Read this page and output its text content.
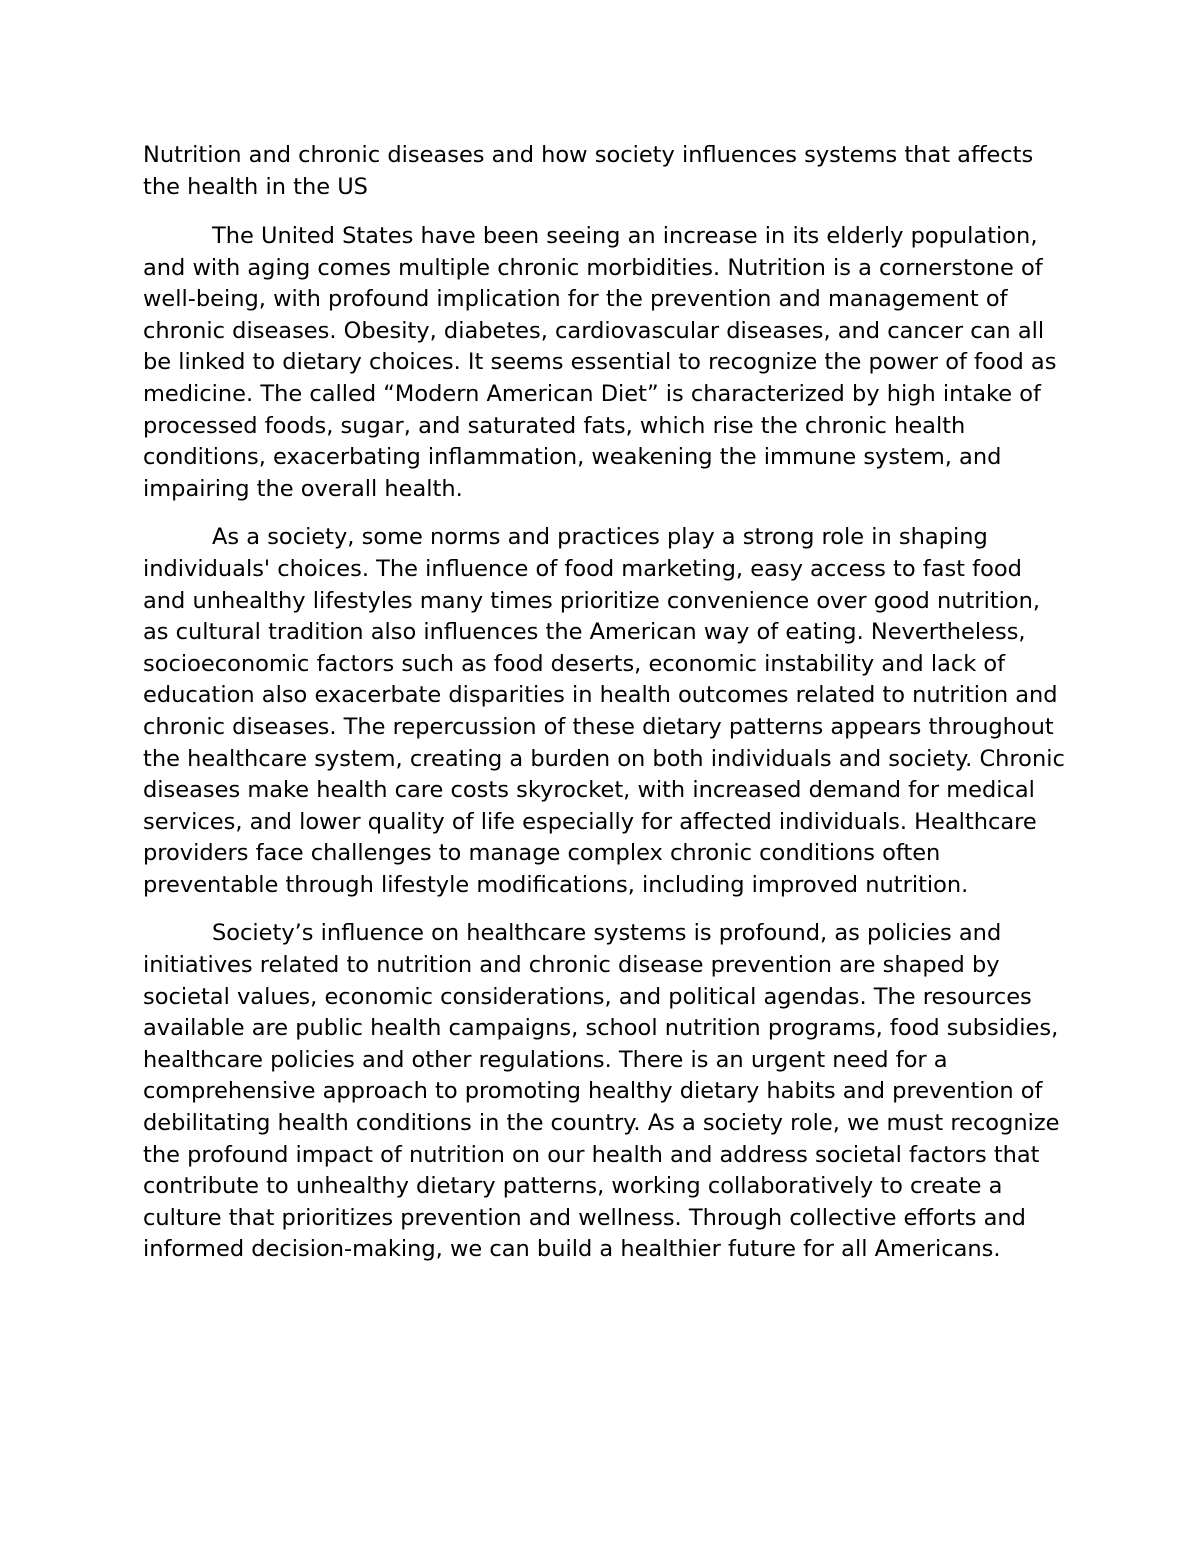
Nutrition and chronic diseases and how society influences systems that affects the health in the US

The United States have been seeing an increase in its elderly population, and with aging comes multiple chronic morbidities. Nutrition is a cornerstone of well-being, with profound implication for the prevention and management of chronic diseases. Obesity, diabetes, cardiovascular diseases, and cancer can all be linked to dietary choices. It seems essential to recognize the power of food as medicine. The called “Modern American Diet” is characterized by high intake of processed foods, sugar, and saturated fats, which rise the chronic health conditions, exacerbating inflammation, weakening the immune system, and impairing the overall health.

As a society, some norms and practices play a strong role in shaping individuals' choices. The influence of food marketing, easy access to fast food and unhealthy lifestyles many times prioritize convenience over good nutrition, as cultural tradition also influences the American way of eating. Nevertheless, socioeconomic factors such as food deserts, economic instability and lack of education also exacerbate disparities in health outcomes related to nutrition and chronic diseases. The repercussion of these dietary patterns appears throughout the healthcare system, creating a burden on both individuals and society. Chronic diseases make health care costs skyrocket, with increased demand for medical services, and lower quality of life especially for affected individuals. Healthcare providers face challenges to manage complex chronic conditions often preventable through lifestyle modifications, including improved nutrition.

Society’s influence on healthcare systems is profound, as policies and initiatives related to nutrition and chronic disease prevention are shaped by societal values, economic considerations, and political agendas. The resources available are public health campaigns, school nutrition programs, food subsidies, healthcare policies and other regulations. There is an urgent need for a comprehensive approach to promoting healthy dietary habits and prevention of debilitating health conditions in the country. As a society role, we must recognize the profound impact of nutrition on our health and address societal factors that contribute to unhealthy dietary patterns, working collaboratively to create a culture that prioritizes prevention and wellness. Through collective efforts and informed decision-making, we can build a healthier future for all Americans.
